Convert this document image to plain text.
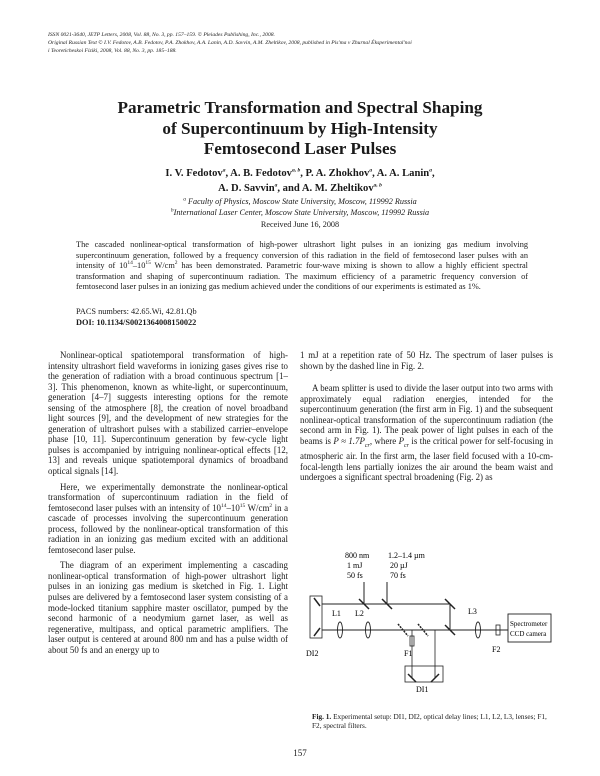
ISSN 0021-3640, JETP Letters, 2008, Vol. 88, No. 3, pp. 157–159. © Pleiades Publishing, Inc., 2008.
Original Russian Text © I.V. Fedotov, A.B. Fedotov, P.A. Zhokhov, A.A. Lanin, A.D. Savvin, A.M. Zheltikov, 2008, published in Pis'ma v Zhurnal Éksperimental'noi
i Teoreticheskoi Fiziki, 2008, Vol. 88, No. 3, pp. 185–188.
Parametric Transformation and Spectral Shaping
of Supercontinuum by High-Intensity
Femtosecond Laser Pulses
I. V. Fedotov$^a$, A. B. Fedotov$^{a, b}$, P. A. Zhokhov$^a$, A. A. Lanin$^a$,
A. D. Savvin$^a$, and A. M. Zheltikov$^{a, b}$
$^a$ Faculty of Physics, Moscow State University, Moscow, 119992 Russia
$^b$International Laser Center, Moscow State University, Moscow, 119992 Russia
Received June 16, 2008
The cascaded nonlinear-optical transformation of high-power ultrashort light pulses in an ionizing gas medium involving supercontinuum generation, followed by a frequency conversion of this radiation in the field of femtosecond laser pulses with an intensity of $10^{14}-10^{15}$ $W/cm^2$ has been demonstrated. Parametric four-wave mixing is shown to allow a highly efficient spectral transformation and shaping of supercontinuum radiation. The maximum efficiency of a parametric frequency conversion of femtosecond laser pulses in an ionizing gas medium achieved under the conditions of our experiments is estimated as 1%.
PACS numbers: 42.65.Wi, 42.81.Qb
DOI: 10.1134/S0021364008150022

Nonlinear-optical spatiotemporal transformation of high-intensity ultrashort field waveforms in ionizing gases gives rise to the generation of radiation with a broad continuous spectrum [1–3]. This phenomenon, known as white-light, or supercontinuum, generation [4–7] suggests interesting options for the remote sensing of the atmosphere [8], the creation of novel broadband light sources [9], and the development of new strategies for the generation of ultrashort pulses with a stabilized carrier–envelope phase [10, 11]. Supercontinuum generation by few-cycle light pulses is accompanied by intriguing nonlinear-optical effects [12, 13] and reveals unique spatiotemporal dynamics of broadband optical signals [14].

Here, we experimentally demonstrate the nonlinear-optical transformation of supercontinuum radiation in the field of femtosecond laser pulses with an intensity of $10^{14}-10^{15}$ $W/cm^2$ in a cascade of processes involving the supercontinuum generation process, followed by the nonlinear-optical transformation of this radiation in an ionizing gas medium excited with an additional femtosecond laser pulse.

The diagram of an experiment implementing a cascading nonlinear-optical transformation of high-power ultrashort light pulses in an ionizing gas medium is sketched in Fig. 1. Light pulses are delivered by a femtosecond laser system consisting of a mode-locked titanium sapphire master oscillator, pumped by the second harmonic of a neodymium garnet laser, as well as regenerative, multipass, and optical parametric amplifiers. The laser output is centered at around 800 nm and has a pulse width of about 50 fs and an energy up to

1 mJ at a repetition rate of 50 Hz. The spectrum of laser pulses is shown by the dashed line in Fig. 2.

A beam splitter is used to divide the laser output into two arms with approximately equal radiation energies, intended for the supercontinuum generation (the first arm in Fig. 1) and the subsequent nonlinear-optical transformation of the supercontinuum radiation (the second arm in Fig. 1). The peak power of light pulses in each of the beams is $P \approx 1.7P_{cr}$, where $P_{cr}$ is the critical power for self-focusing in atmospheric air. In the first arm, the laser field focused with a 10-cm-focal-length lens partially ionizes the air around the beam waist and undergoes a significant spectral broadening (Fig. 2) as

800 nm
1 mJ
50 fs
1.2–1.4 µm
20 µJ
70 fs
DI2
L1 L2	L3
F1
DI1
F2
Spectrometer
CCD camera
Fig. 1. Experimental setup: DI1, DI2, optical delay lines; L1, L2, L3, lenses; F1, F2, spectral filters.
157
